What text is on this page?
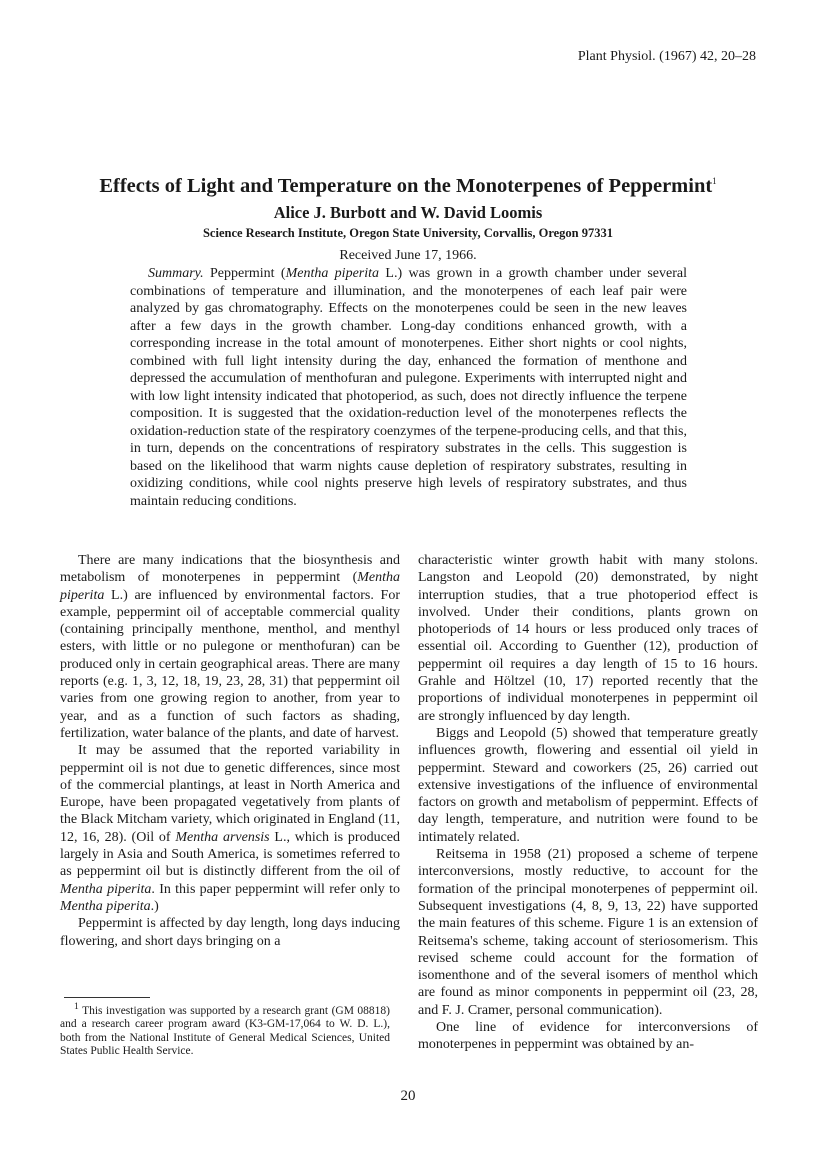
Plant Physiol. (1967) 42, 20–28
Effects of Light and Temperature on the Monoterpenes of Peppermint$^1$
Alice J. Burbott and W. David Loomis
Science Research Institute, Oregon State University, Corvallis, Oregon 97331
Received June 17, 1966.
Summary. Peppermint (Mentha piperita L.) was grown in a growth chamber under several combinations of temperature and illumination, and the monoterpenes of each leaf pair were analyzed by gas chromatography. Effects on the monoterpenes could be seen in the new leaves after a few days in the growth chamber. Long-day conditions enhanced growth, with a corresponding increase in the total amount of monoterpenes. Either short nights or cool nights, combined with full light intensity during the day, enhanced the formation of menthone and depressed the accumulation of menthofuran and pulegone. Experiments with interrupted night and with low light intensity indicated that photoperiod, as such, does not directly influence the terpene composition. It is suggested that the oxidation-reduction level of the monoterpenes reflects the oxidation-reduction state of the respiratory coenzymes of the terpene-producing cells, and that this, in turn, depends on the concentrations of respiratory substrates in the cells. This suggestion is based on the likelihood that warm nights cause depletion of respiratory substrates, resulting in oxidizing conditions, while cool nights preserve high levels of respiratory substrates, and thus maintain reducing conditions.

There are many indications that the biosynthesis and metabolism of monoterpenes in peppermint (Mentha piperita L.) are influenced by environmental factors. For example, peppermint oil of acceptable commercial quality (containing principally menthone, menthol, and menthyl esters, with little or no pulegone or menthofuran) can be produced only in certain geographical areas. There are many reports (e.g. 1, 3, 12, 18, 19, 23, 28, 31) that peppermint oil varies from one growing region to another, from year to year, and as a function of such factors as shading, fertilization, water balance of the plants, and date of harvest.

It may be assumed that the reported variability in peppermint oil is not due to genetic differences, since most of the commercial plantings, at least in North America and Europe, have been propagated vegetatively from plants of the Black Mitcham variety, which originated in England (11, 12, 16, 28). (Oil of Mentha arvensis L., which is produced largely in Asia and South America, is sometimes referred to as peppermint oil but is distinctly different from the oil of Mentha piperita. In this paper peppermint will refer only to Mentha piperita.)

Peppermint is affected by day length, long days inducing flowering, and short days bringing on a

characteristic winter growth habit with many stolons. Langston and Leopold (20) demonstrated, by night interruption studies, that a true photoperiod effect is involved. Under their conditions, plants grown on photoperiods of 14 hours or less produced only traces of essential oil. According to Guenther (12), production of peppermint oil requires a day length of 15 to 16 hours. Grahle and Höltzel (10, 17) reported recently that the proportions of individual monoterpenes in peppermint oil are strongly influenced by day length.

Biggs and Leopold (5) showed that temperature greatly influences growth, flowering and essential oil yield in peppermint. Steward and coworkers (25, 26) carried out extensive investigations of the influence of environmental factors on growth and metabolism of peppermint. Effects of day length, temperature, and nutrition were found to be intimately related.

Reitsema in 1958 (21) proposed a scheme of terpene interconversions, mostly reductive, to account for the formation of the principal monoterpenes of peppermint oil. Subsequent investigations (4, 8, 9, 13, 22) have supported the main features of this scheme. Figure 1 is an extension of Reitsema's scheme, taking account of steriosomerism. This revised scheme could account for the formation of isomenthone and of the several isomers of menthol which are found as minor components in peppermint oil (23, 28, and F. J. Cramer, personal communication).

One line of evidence for interconversions of monoterpenes in peppermint was obtained by an-

$^1$ This investigation was supported by a research grant (GM 08818) and a research career program award (K3-GM-17,064 to W. D. L.), both from the National Institute of General Medical Sciences, United States Public Health Service.
20
